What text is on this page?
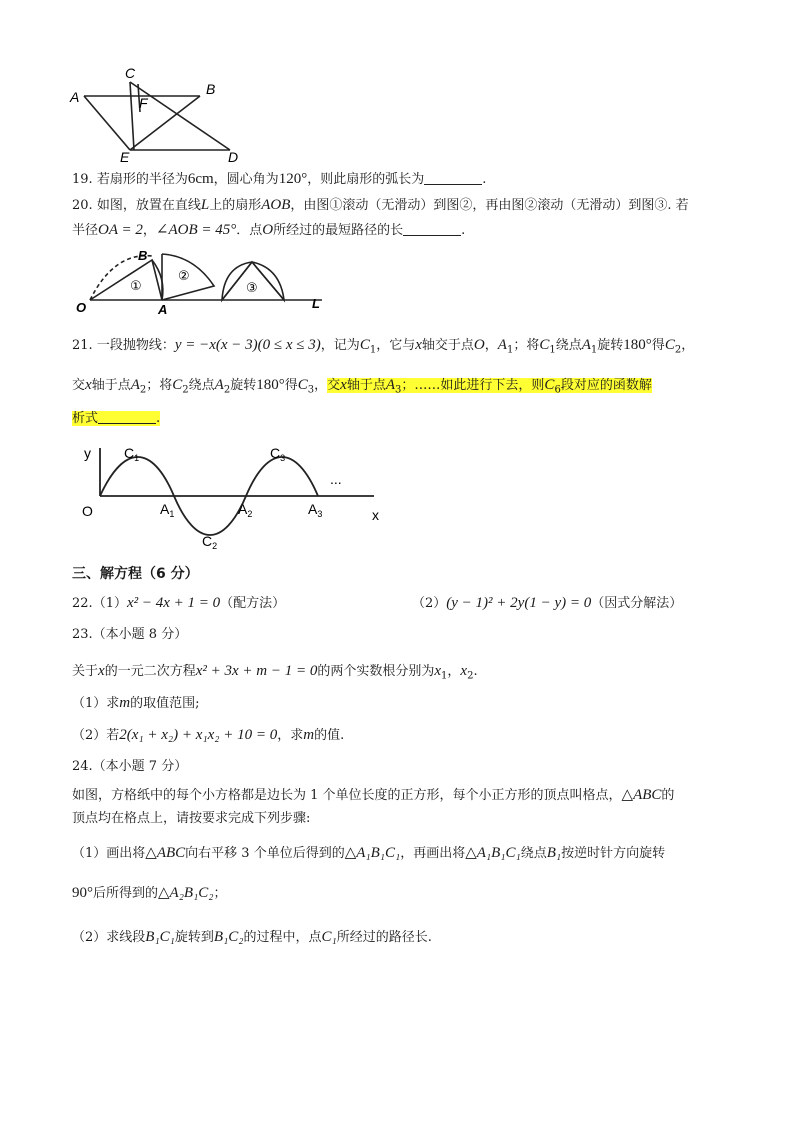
A
C
B
F
E	D
19. 若扇形的半径为6cm，圆心角为120°，则此扇形的弧长为	.
20. 如图，放置在直线L上的扇形AOB，由图①滚动（无滑动）到图②，再由图②滚动（无滑动）到图③. 若
半径OA = 2，∠AOB = 45°．点O所经过的最短路径的长	.
B
O	A	L
①
②
③
21. 一段抛物线：y = −x(x − 3)(0 ≤ x ≤ 3)，记为$C_1$，它与x轴交于点O，$A_1$；将$C_1$绕点$A_1$旋转180°得$C_2$，
交x轴于点$A_2$；将$C_2$绕点$A_2$旋转180°得$C_3$，交x轴于点$A_3$；……如此进行下去，则$C_6$段对应的函数解
析式	.
y
x
O
$C_1$
$C_2$
$C_3$
$A_1$	$A_2$	$A_3$
...
三、解方程（6 分）
22.（1）x² − 4x + 1 = 0（配方法）	（2）(y − 1)² + 2y(1 − y) = 0（因式分解法）
23.（本小题 8 分）
关于x的一元二次方程x² + 3x + m − 1 = 0的两个实数根分别为$x_1$，$x_2$.
（1）求m的取值范围;
（2）若2(x₁ + x₂) + x₁x₂ + 10 = 0，求m的值.
24.（本小题 7 分）
如图，方格纸中的每个小方格都是边长为 1 个单位长度的正方形，每个小正方形的顶点叫格点，△ABC的
顶点均在格点上，请按要求完成下列步骤:
（1）画出将△ABC向右平移 3 个单位后得到的△A₁B₁C₁，再画出将△A₁B₁C₁绕点B₁按逆时针方向旋转
90°后所得到的△A₂B₁C₂；
（2）求线段B₁C₁旋转到B₁C₂的过程中，点C₁所经过的路径长.
